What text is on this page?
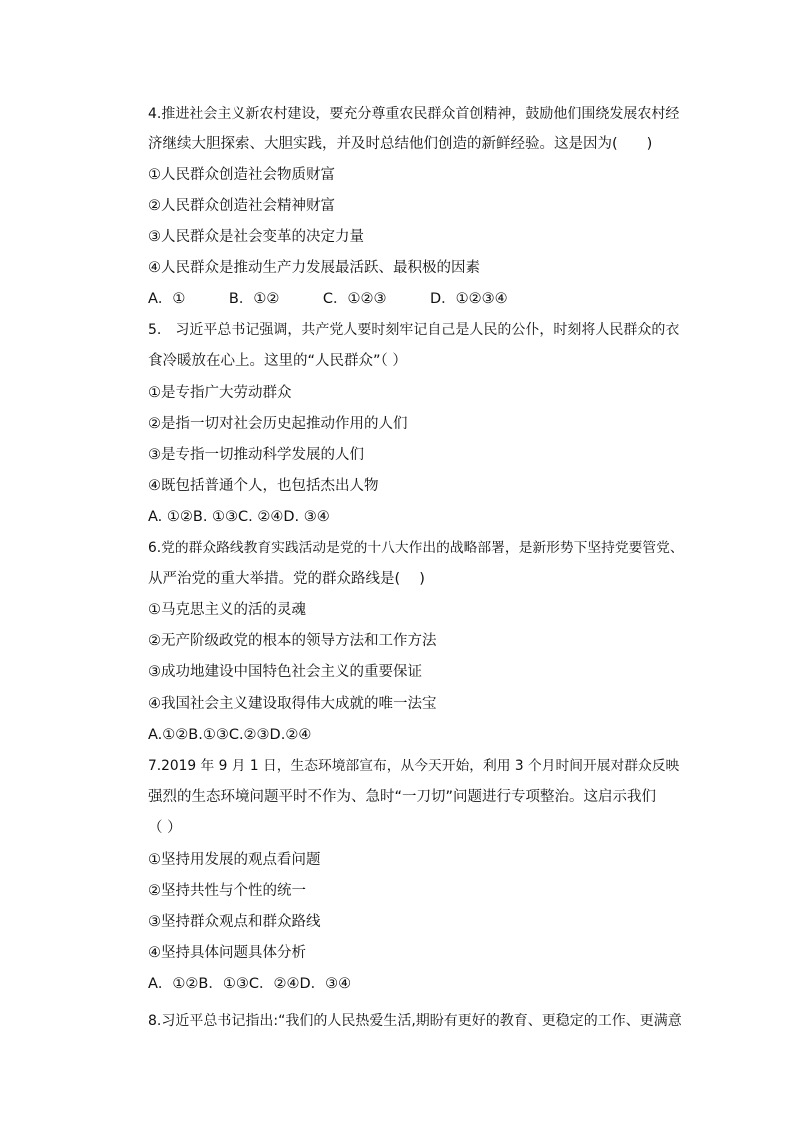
4.推进社会主义新农村建设，要充分尊重农民群众首创精神，鼓励他们围绕发展农村经
济继续大胆探索、大胆实践，并及时总结他们创造的新鲜经验。这是因为(　　)
①人民群众创造社会物质财富
②人民群众创造社会精神财富
③人民群众是社会变革的决定力量
④人民群众是推动生产力发展最活跃、最积极的因素
A．①　　　B．①②　　　C．①②③　　　D．①②③④
5.　习近平总书记强调，共产党人要时刻牢记自己是人民的公仆，时刻将人民群众的衣
食冷暖放在心上。这里的“人民群众”（ ）
①是专指广大劳动群众
②是指一切对社会历史起推动作用的人们
③是专指一切推动科学发展的人们
④既包括普通个人，也包括杰出人物
A. ①②B. ①③C. ②④D. ③④
6.党的群众路线教育实践活动是党的十八大作出的战略部署，是新形势下坚持党要管党、
从严治党的重大举措。党的群众路线是(　 )
①马克思主义的活的灵魂
②无产阶级政党的根本的领导方法和工作方法
③成功地建设中国特色社会主义的重要保证
④我国社会主义建设取得伟大成就的唯一法宝
A.①②B.①③C.②③D.②④
7.2019 年 9 月 1 日，生态环境部宣布，从今天开始，利用 3 个月时间开展对群众反映
强烈的生态环境问题平时不作为、急时“一刀切”问题进行专项整治。这启示我们
（ ）
①坚持用发展的观点看问题
②坚持共性与个性的统一
③坚持群众观点和群众路线
④坚持具体问题具体分析
A．①②B．①③C．②④D．③④
8.习近平总书记指出:“我们的人民热爱生活,期盼有更好的教育、更稳定的工作、更满意
